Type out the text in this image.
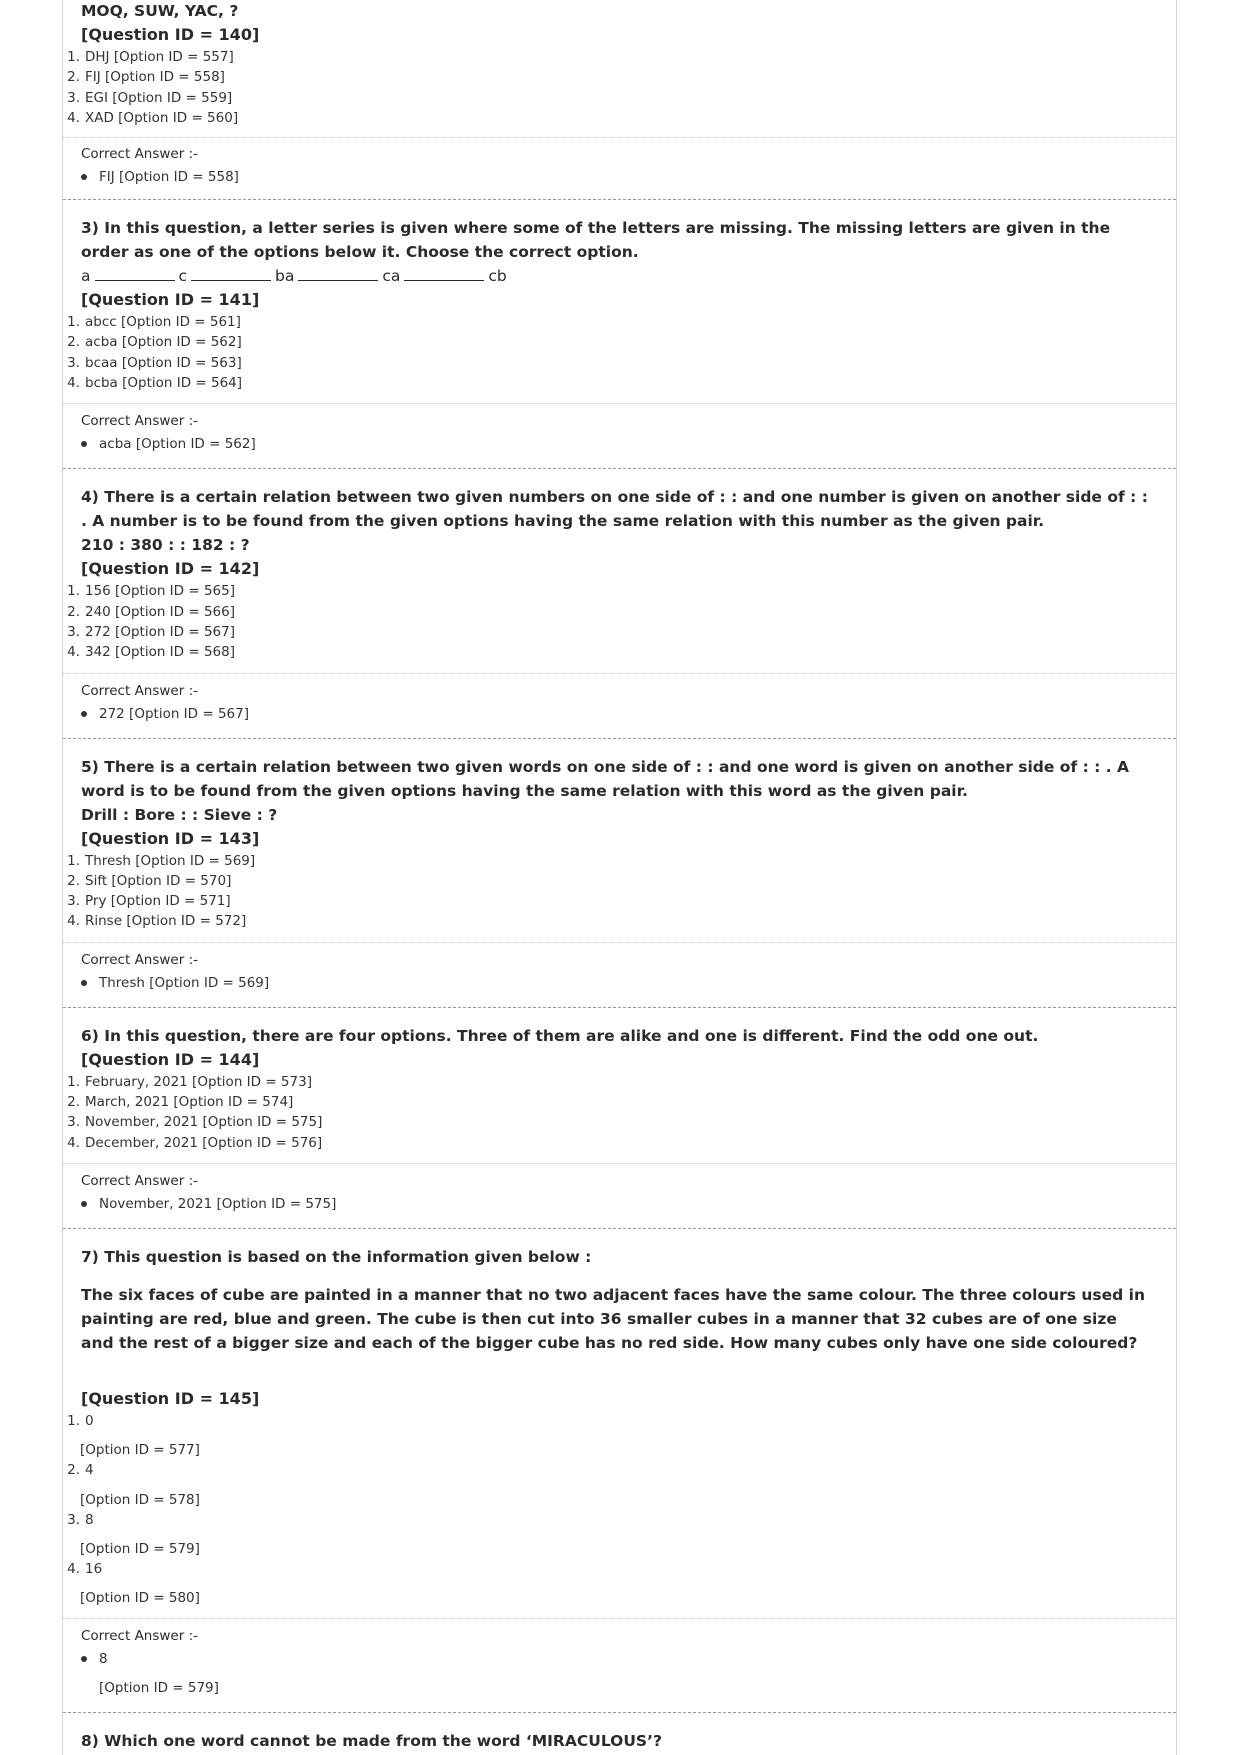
MOQ, SUW, YAC, ?
[Question ID = 140]
1. DHJ [Option ID = 557]
2. FIJ [Option ID = 558]
3. EGI [Option ID = 559]
4. XAD [Option ID = 560]
Correct Answer :-
FIJ [Option ID = 558]

3) In this question, a letter series is given where some of the letters are missing. The missing letters are given in the order as one of the options below it. Choose the correct option.

a	c	ba	ca	cb
[Question ID = 141]
1. abcc [Option ID = 561]
2. acba [Option ID = 562]
3. bcaa [Option ID = 563]
4. bcba [Option ID = 564]
Correct Answer :-
acba [Option ID = 562]

4) There is a certain relation between two given numbers on one side of : : and one number is given on another side of : : . A number is to be found from the given options having the same relation with this number as the given pair.

210 : 380 : : 182 : ?
[Question ID = 142]
1. 156 [Option ID = 565]
2. 240 [Option ID = 566]
3. 272 [Option ID = 567]
4. 342 [Option ID = 568]
Correct Answer :-
272 [Option ID = 567]

5) There is a certain relation between two given words on one side of : : and one word is given on another side of : : . A word is to be found from the given options having the same relation with this word as the given pair.

Drill : Bore : : Sieve : ?
[Question ID = 143]
1. Thresh [Option ID = 569]
2. Sift [Option ID = 570]
3. Pry [Option ID = 571]
4. Rinse [Option ID = 572]
Correct Answer :-
Thresh [Option ID = 569]

6) In this question, there are four options. Three of them are alike and one is different. Find the odd one out.

[Question ID = 144]
1. February, 2021 [Option ID = 573]
2. March, 2021 [Option ID = 574]
3. November, 2021 [Option ID = 575]
4. December, 2021 [Option ID = 576]
Correct Answer :-
November, 2021 [Option ID = 575]

7) This question is based on the information given below :

The six faces of cube are painted in a manner that no two adjacent faces have the same colour. The three colours used in painting are red, blue and green. The cube is then cut into 36 smaller cubes in a manner that 32 cubes are of one size and the rest of a bigger size and each of the bigger cube has no red side. How many cubes only have one side coloured?

[Question ID = 145]
1. 0
[Option ID = 577]
2. 4
[Option ID = 578]
3. 8
[Option ID = 579]
4. 16
[Option ID = 580]
Correct Answer :-
8
[Option ID = 579]

8) Which one word cannot be made from the word ‘MIRACULOUS’?
